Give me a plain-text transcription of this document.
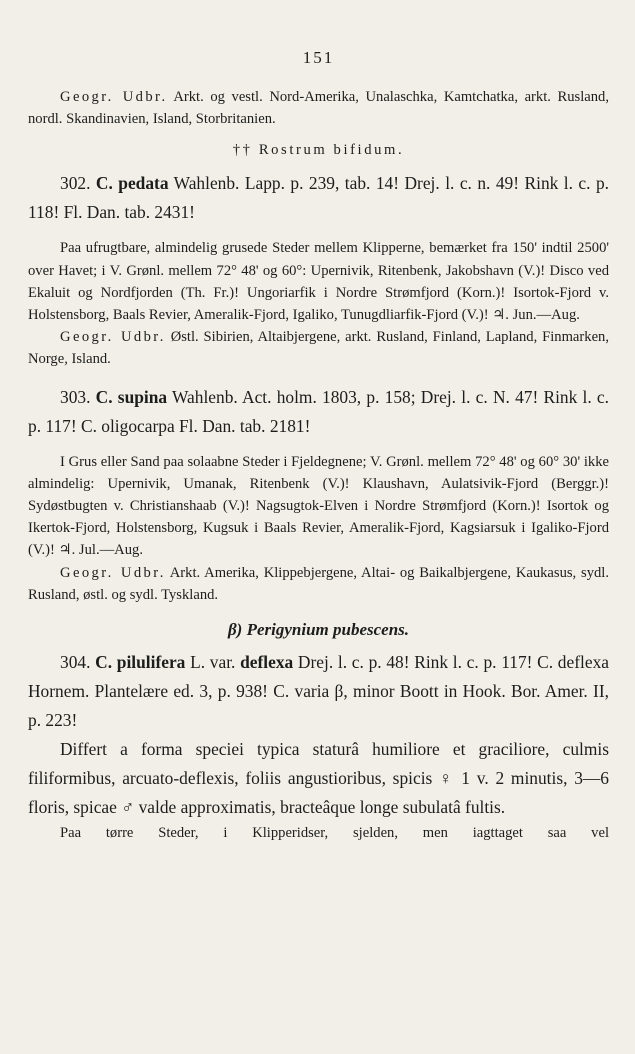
151

Geogr. Udbr. Arkt. og vestl. Nord-Amerika, Unalaschka, Kamtchatka, arkt. Rusland, nordl. Skandinavien, Island, Storbritanien.

†† Rostrum bifidum.

302. C. pedata Wahlenb. Lapp. p. 239, tab. 14! Drej. l. c. n. 49! Rink l. c. p. 118! Fl. Dan. tab. 2431!

Paa ufrugtbare, almindelig grusede Steder mellem Klipperne, bemærket fra 150' indtil 2500' over Havet; i V. Grønl. mellem 72° 48' og 60°: Upernivik, Ritenbenk, Jakobshavn (V.)! Disco ved Ekaluit og Nordfjorden (Th. Fr.)! Ungoriarfik i Nordre Strømfjord (Korn.)! Isortok-Fjord v. Holstensborg, Baals Revier, Ameralik-Fjord, Igaliko, Tunugdliarfik-Fjord (V.)! ♃. Jun.—Aug.

Geogr. Udbr. Østl. Sibirien, Altaibjergene, arkt. Rusland, Finland, Lapland, Finmarken, Norge, Island.

303. C. supina Wahlenb. Act. holm. 1803, p. 158; Drej. l. c. N. 47! Rink l. c. p. 117! C. oligocarpa Fl. Dan. tab. 2181!

I Grus eller Sand paa solaabne Steder i Fjeldegnene; V. Grønl. mellem 72° 48' og 60° 30' ikke almindelig: Upernivik, Umanak, Ritenbenk (V.)! Klaushavn, Aulatsivik-Fjord (Berggr.)! Sydøstbugten v. Christianshaab (V.)! Nagsugtok-Elven i Nordre Strømfjord (Korn.)! Isortok og Ikertok-Fjord, Holstensborg, Kugsuk i Baals Revier, Ameralik-Fjord, Kagsiarsuk i Igaliko-Fjord (V.)! ♃. Jul.—Aug.

Geogr. Udbr. Arkt. Amerika, Klippebjergene, Altai- og Baikalbjergene, Kaukasus, sydl. Rusland, østl. og sydl. Tyskland.

β) Perigynium pubescens.

304. C. pilulifera L. var. deflexa Drej. l. c. p. 48! Rink l. c. p. 117! C. deflexa Hornem. Plantelære ed. 3, p. 938! C. varia β, minor Boott in Hook. Bor. Amer. II, p. 223!

Differt a forma speciei typica staturâ humiliore et graciliore, culmis filiformibus, arcuato-deflexis, foliis angustioribus, spicis ♀ 1 v. 2 minutis, 3—6 floris, spicae ♂ valde approximatis, bracteâque longe subulatâ fultis.

Paa tørre Steder, i Klipperidser, sjelden, men iagttaget saa vel
